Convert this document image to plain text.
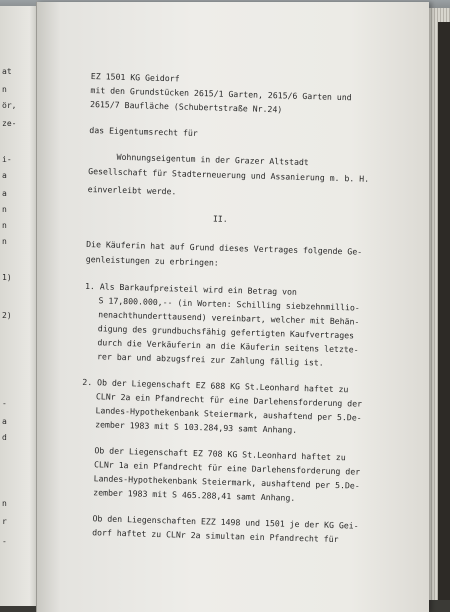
at
n
ör,
ze-
i-
a
a
n
n
n
1)
2)
-
a
d
n
r
-
EZ 1501 KG Geidorf
mit den Grundstücken 2615/1 Garten, 2615/6 Garten und
2615/7 Baufläche (Schubertstraße Nr.24)
das Eigentumsrecht für
Wohnungseigentum in der Grazer Altstadt
Gesellschaft für Stadterneuerung und Assanierung m. b. H.
einverleibt werde.
II.
Die Käuferin hat auf Grund dieses Vertrages folgende Ge-
genleistungen zu erbringen:
1. Als Barkaufpreisteil wird ein Betrag von
S 17,800.000,-- (in Worten: Schilling siebzehnmillio-
nenachthunderttausend) vereinbart, welcher mit Behän-
digung des grundbuchsfähig gefertigten Kaufvertrages
durch die Verkäuferin an die Käuferin seitens letzte-
rer bar und abzugsfrei zur Zahlung fällig ist.
2. Ob der Liegenschaft EZ 688 KG St.Leonhard haftet zu
CLNr 2a ein Pfandrecht für eine Darlehensforderung der
Landes-Hypothekenbank Steiermark, aushaftend per 5.De-
zember 1983 mit S 103.284,93 samt Anhang.
Ob der Liegenschaft EZ 708 KG St.Leonhard haftet zu
CLNr 1a ein Pfandrecht für eine Darlehensforderung der
Landes-Hypothekenbank Steiermark, aushaftend per 5.De-
zember 1983 mit S 465.288,41 samt Anhang.
Ob den Liegenschaften EZZ 1498 und 1501 je der KG Gei-
dorf haftet zu CLNr 2a simultan ein Pfandrecht für
